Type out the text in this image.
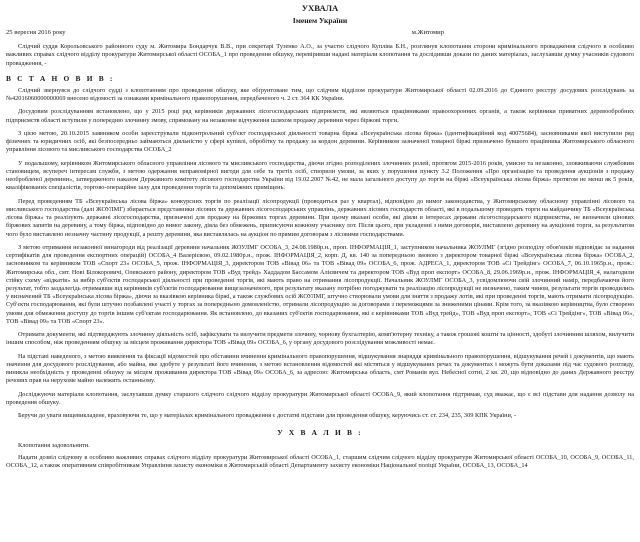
УХВАЛА
Іменем України
25 вересня 2016 року	м.Житомир

Слідчий суддя Корольовського районного суду м. Житомира Бондарчук В.В., при секретарі Тузенко А.О., за участю слідчого Купліва Б.Н., розглянув клопотання сторони кримінального провадження слідчого в особливо важливих справах слідчого відділу прокуратури Житомирської області ОСОБА_1 про проведення обшуку, перевіривши надані матеріали клопотання та дослідивши докази по даних матеріалах, заслухавши думку учасників судового провадження, -

В С Т А Н О В И В :

Слідчий звернувся до слідчого судді з клопотанням про проведення обшуку, яке обґрунтоване тим, що слідчим відділом прокуратури Житомирської області 02.09.2016 до Єдиного реєстру досудових розслідувань за №42016060000000069 внесено відомості за ознаками кримінального правопорушення, передбаченого ч. 2 ст. 364 КК України.

Досудовим розслідуванням встановлено, що у 2015 році ряд керівників державних лісогосподарських підприємств, які являються працівниками правоохоронних органів, а також керівники приватних деревообробних підприємств області вступили у попередню злочинну змову, спрямовану на незаконне відчуження шляхом продажу деревини через біржові торги.

З цією метою, 20.10.2015 заявником особи зареєстрували підконтрольний суб'єкт господарської діяльності товарна біржа «Всеукраїнська лісова біржа» (ідентифікаційний код 40075684), засновниками якої виступили ряд фізичних та юридичних осіб, які безпосередньо займаються діяльністю у сфері купівлі, обробітку та продажу за кордон деревини. Керівником зазначеної товарної біржі призначено бувшого працівника Житомирського обласного управління лісового та мисливського господарства ОСОБА_2

У подальшому, керівником Житомирського обласного управління лісового та мисливського господарства, діючи згідно розподілених злочинних ролей, протягом 2015-2016 років, умисно та незаконно, зловживаючи службовим становищем, всупереч інтересам служби, з метою одержання неправомірної вигоди для себе та третіх осіб, створили умови, за яких у порушення пункту 3.2 Положення «Про організацію та проведення аукціонів з продажу необробленої деревини», затвердженого наказом Державного комітету лісового господарства України від 19.02.2007 №42, не мала загального доступу до торгів на біржі «Всеукраїнська лісова біржа» протягом не менш як 5 років, кваліфікованих спеціалістів, торгово-операційне залу для проведення торгів та допоміжних приміщень.

Перед проведенням ТБ «Всеукраїнська лісова біржа» конкурсних торгів по реалізації лісопродукції (проводиться раз у квартал), відповідно до вимог законодавства, у Житомирському обласному управлінні лісового та мисливського господарства (далі ЖОУЛМГ) збирається представники лісових та державних лісогосподарських управлінь, державних лісових господарств області, які в подальшому проводять торги на майданчику ТБ «Всеукраїнська лісова біржа» та реалізують державні лісогосподарства, призначені для продажу на біржових торгах деревини. При цьому вказані особи, які діяли в інтересах держави лісогосподарського підприємства, не визначили цінових біржових запитів на деревину, а тому біржа, відповідно до вимог закону, діяла без обмежень, приписуючи кожному учаснику лот. Після цього, при укладенні з ними договорів, виставлено деревину на аукціонні торги, за результатом чого було виставлено незначну частину продукції, а решту деревини, яка виставлялась на аукціон по прямим договорам з лісовими господарствами.

З метою отримання незаконної винагороди від реалізації деревини начальник ЖОУЛМГ ОСОБА_3, 24.08.1980р.н., проп. ІНФОРМАЦІЯ_1, заступником начальника ЖОУЛМГ (згідно розподілу обов'язків відповідає за надання сертифікатів для проведення експортних операцій) ОСОБА_4 Валерієвою, 09.02.1980р.н., прож. ІНФОРМАЦІЯ_2, корп. Д, кв. 140 за попередньою змовою з директором товарної біржі «Всеукраїнська лісова біржа» ОСОБА_2, засновником та керівником ТОВ «Спорт 23» ОСОБА_5, прож. ІНФОРМАЦІЯ_3, директором ТОВ «Вівад 06» та ТОВ «Вівад 09» ОСОБА_6, прож. АДРЕСА_1, директором ТОВ «Сі Трейдінг» ОСОБА_7, 06.10.1965р.н., прож.: Житомирська обл., смт. Нові Білокоровичі, Олевського району, директором ТОВ «Вуд трейд» Хаддадом Бассамом Алієвичем та директором ТОВ «Вуд проп експорт» ОСОБА_8, 29.06.1969р.н., прож. ІНФОРМАЦІЯ_4, налагодили стійку схему «відкатів» за вибір суб'єктів господарської діяльності при проведенні торгів, які мають право на отримання лісопродукції. Начальник ЖОУЛМГ ОСОБА_3, усвідомлюючи свій злочинний намір, передбачаючи його результат, тобто заздалегідь отримавши від керівників суб'єктів господарювання вищезазначеного, при результату вказану потрібно погоджувати та реалізацію лісопродукції не визначено, таким чином, результати торгів проводились у визначений ТБ «Всеукраїнська лісова біржа», діючи за вказівкою керівника біржі, а також службових осіб ЖОУЛМГ, штучно створювали умови для зняття з продажу лотів, які при проведенні торгів, мають отримати лісопродукцію. Суб'єкти господарювання, які були штучно позбавлені участі у торгах за попередньою домовленістю, отримали лісопродукцію за договорами з переможцями за зниженими цінами. Крім того, за вказівкою керівництва, було створено умови для обмеження доступу до торгів іншим суб'єктам господарювання. Як встановлено, до вказаних суб'єктів господарювання, які є керівниками ТОВ «Вуд трейд», ТОВ «Вуд проп експорт», ТОВ «Сі Трейдінг», ТОВ «Вівад 06», ТОВ «Вівад 09» та ТОВ «Спорт 23».

Отримати документи, які підтверджують злочинну діяльність осіб, зафіксувати та вилучити предмети злочину, чорнову бухгалтерію, комп'ютерну техніку, а також грошові кошти та цінності, здобуті злочинним шляхом, вилучити іншим способом, ніж проведенням обшуку за місцем проживання директора ТОВ «Вівад 09» ОСОБА_6, у органу досудового розслідування можливості немає.

На підставі наведеного, з метою виявлення та фіксації відомостей про обставини вчинення кримінального правопорушення, відшукування знаряддя кримінального правопорушення, відшукування речей і документів, що мають значення для досудового розслідування, або майна, яке здобуте у результаті його вчинення, з метою встановлення відомостей які містяться у відшукуваних речах та документах і можуть бути доказами під час судового розгляду, виникла необхідність у проведенні обшуку за місцем проживання директора ТОВ «Вівад 09» ОСОБА_6, за адресою: Житомирська область, смт Романів вул. Небесної сотні, 2 кв. 20, що відповідно до даних Державного реєстру речових прав на нерухоме майно належить останньому.

Досліджуючи матеріали клопотання, заслухавши думку старшого слідчого слідчого відділу прокуратури Житомирської області ОСОБА_9, який клопотання підтримав, суд вважає, що є всі підстави для надання дозволу на проведення обшуку.

Беручи до уваги вищевикладене, враховуючи те, що у матеріалах кримінального провадження є достатні підстави для проведення обшуку, керуючись ст. ст. 234, 235, 309 КПК України, -

У Х В А Л И В :

Клопотання задовольнити.

Надати дозвіл слідчому в особливо важливих справах слідчого відділу прокуратури Житомирської області ОСОБА_1, старшим слідчим слідчого відділу прокуратури Житомирської області ОСОБА_10, ОСОБА_9, ОСОБА_11, ОСОБА_12, а також оперативним співробітникам Управління захисту економіки в Житомирській області Департаменту захисту економіки Національної поліції України, ОСОБА_13, ОСОБА_14
